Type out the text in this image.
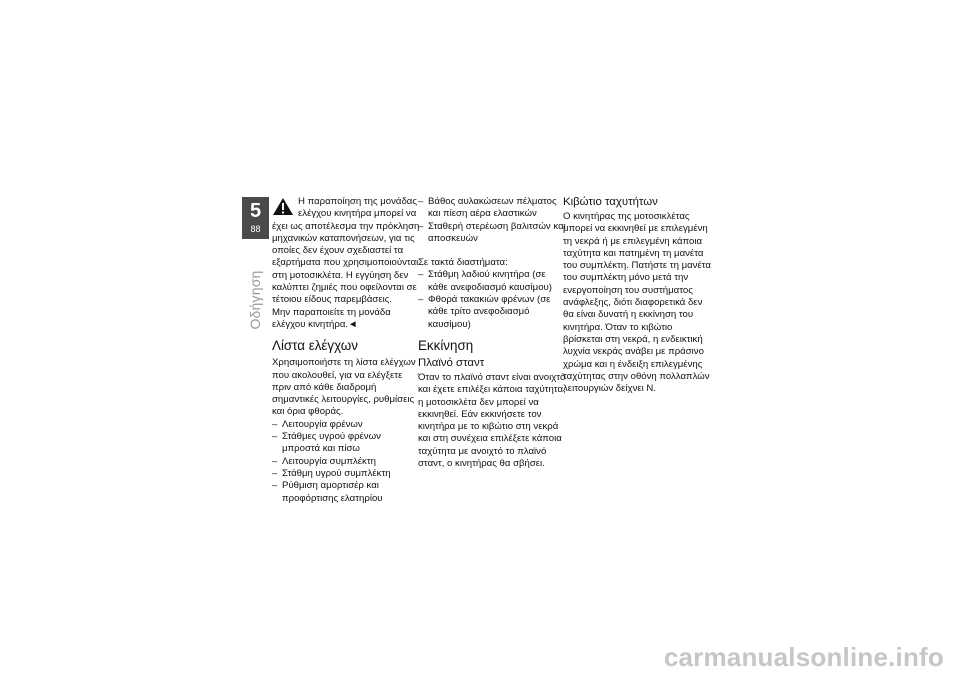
5
88
Οδήγηση

Η παραποίηση της μονάδας ελέγχου κινητήρα μπορεί να έχει ως αποτέλεσμα την πρόκληση μηχανικών καταπονήσεων, για τις οποίες δεν έχουν σχεδιαστεί τα εξαρτήματα που χρησιμοποιούνται στη μοτοσικλέτα. Η εγγύηση δεν καλύπτει ζημιές που οφείλονται σε τέτοιου είδους παρεμβάσεις.

Μην παραποιείτε τη μονάδα ελέγχου κινητήρα.◄

Λίστα ελέγχων

Χρησιμοποιήστε τη λίστα ελέγχων που ακολουθεί, για να ελέγξετε πριν από κάθε διαδρομή σημαντικές λειτουργίες, ρυθμίσεις και όρια φθοράς.

– Λειτουργία φρένων
– Στάθμες υγρού φρένων μπροστά και πίσω
– Λειτουργία συμπλέκτη
– Στάθμη υγρού συμπλέκτη
– Ρύθμιση αμορτισέρ και προφόρτισης ελατηρίου
– Βάθος αυλακώσεων πέλματος και πίεση αέρα ελαστικών
– Σταθερή στερέωση βαλιτσών και αποσκευών

Σε τακτά διαστήματα:

– Στάθμη λαδιού κινητήρα (σε κάθε ανεφοδιασμό καυσίμου)
– Φθορά τακακιών φρένων (σε κάθε τρίτο ανεφοδιασμό καυσίμου)
Εκκίνηση
Πλαϊνό σταντ

Όταν το πλαϊνό σταντ είναι ανοιχτό και έχετε επιλέξει κάποια ταχύτητα, η μοτοσικλέτα δεν μπορεί να εκκινηθεί. Εάν εκκινήσετε τον κινητήρα με το κιβώτιο στη νεκρά και στη συνέχεια επιλέξετε κάποια ταχύτητα με ανοιχτό το πλαϊνό σταντ, ο κινητήρας θα σβήσει.

Κιβώτιο ταχυτήτων

Ο κινητήρας της μοτοσικλέτας μπορεί να εκκινηθεί με επιλεγμένη τη νεκρά ή με επιλεγμένη κάποια ταχύτητα και πατημένη τη μανέτα του συμπλέκτη. Πατήστε τη μανέτα του συμπλέκτη μόνο μετά την ενεργοποίηση του συστήματος ανάφλεξης, διότι διαφορετικά δεν θα είναι δυνατή η εκκίνηση του κινητήρα. Όταν το κιβώτιο βρίσκεται στη νεκρά, η ενδεικτική λυχνία νεκράς ανάβει με πράσινο χρώμα και η ένδειξη επιλεγμένης ταχύτητας στην οθόνη πολλαπλών λειτουργιών δείχνει N.

carmanualsonline.info
